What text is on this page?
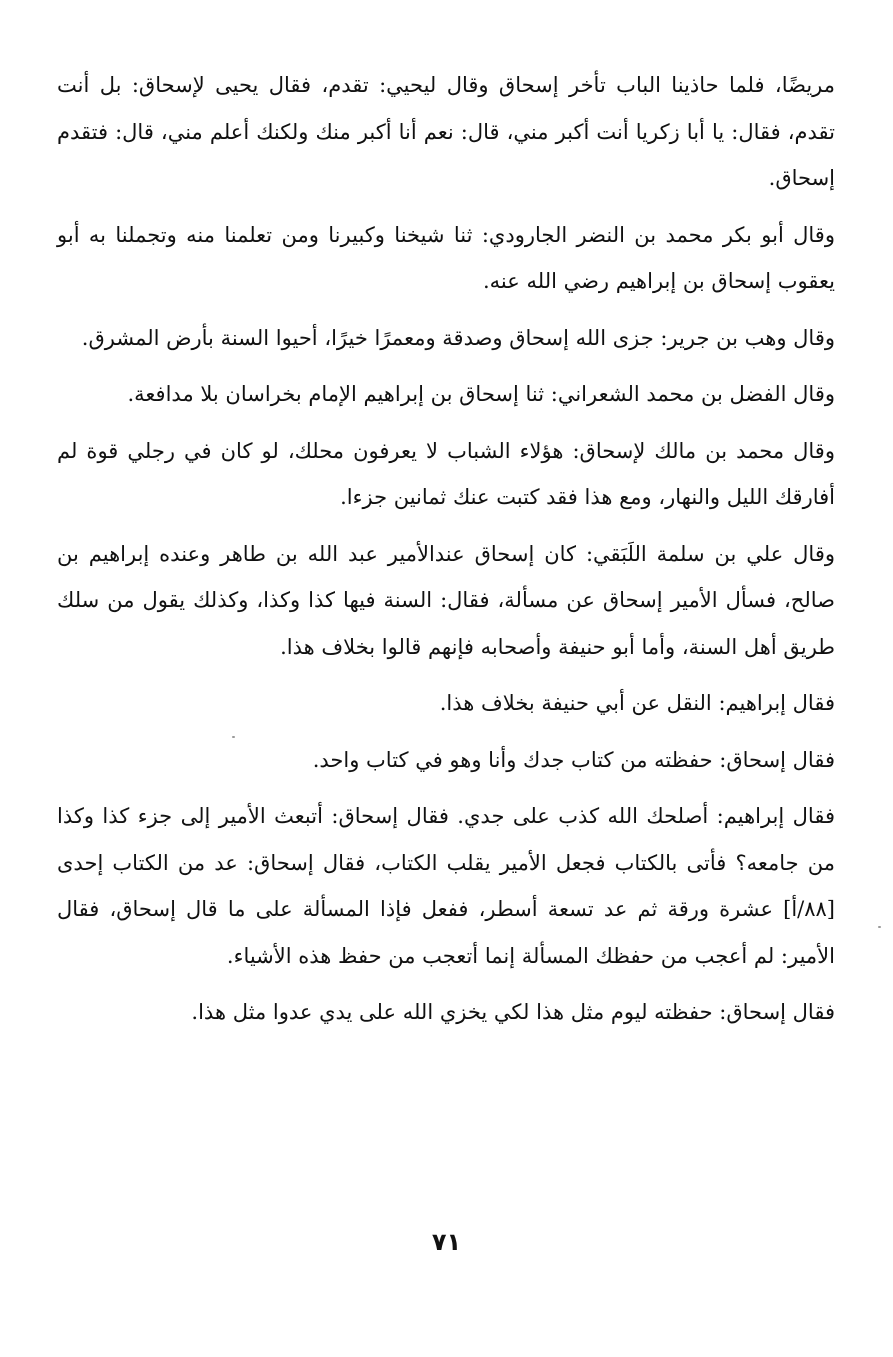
مريضًا، فلما حاذينا الباب تأخر إسحاق وقال ليحيي: تقدم، فقال يحيى لإسحاق: بل أنت تقدم، فقال: يا أبا زكريا أنت أكبر مني، قال: نعم أنا أكبر منك ولكنك أعلم مني، قال: فتقدم إسحاق.

وقال أبو بكر محمد بن النضر الجارودي: ثنا شيخنا وكبيرنا ومن تعلمنا منه وتجملنا به أبو يعقوب إسحاق بن إبراهيم رضي الله عنه.

وقال وهب بن جرير: جزى الله إسحاق وصدقة ومعمرًا خيرًا، أحيوا السنة بأرض المشرق.

وقال الفضل بن محمد الشعراني: ثنا إسحاق بن إبراهيم الإمام بخراسان بلا مدافعة.

وقال محمد بن مالك لإسحاق: هؤلاء الشباب لا يعرفون محلك، لو كان في رجلي قوة لم أفارقك الليل والنهار، ومع هذا فقد كتبت عنك ثمانين جزءا.

وقال علي بن سلمة اللَبَقي: كان إسحاق عندالأمير عبد الله بن طاهر وعنده إبراهيم بن صالح، فسأل الأمير إسحاق عن مسألة، فقال: السنة فيها كذا وكذا، وكذلك يقول من سلك طريق أهل السنة، وأما أبو حنيفة وأصحابه فإنهم قالوا بخلاف هذا.

فقال إبراهيم: النقل عن أبي حنيفة بخلاف هذا.

فقال إسحاق: حفظته من كتاب جدك وأنا وهو في كتاب واحد.

فقال إبراهيم: أصلحك الله كذب على جدي. فقال إسحاق: أتبعث الأمير إلى جزء كذا وكذا من جامعه؟ فأتى بالكتاب فجعل الأمير يقلب الكتاب، فقال إسحاق: عد من الكتاب إحدى [٨٨/أ] عشرة ورقة ثم عد تسعة أسطر، ففعل فإذا المسألة على ما قال إسحاق، فقال الأمير: لم أعجب من حفظك المسألة إنما أتعجب من حفظ هذه الأشياء.

فقال إسحاق: حفظته ليوم مثل هذا لكي يخزي الله على يدي عدوا مثل هذا.

٧١
